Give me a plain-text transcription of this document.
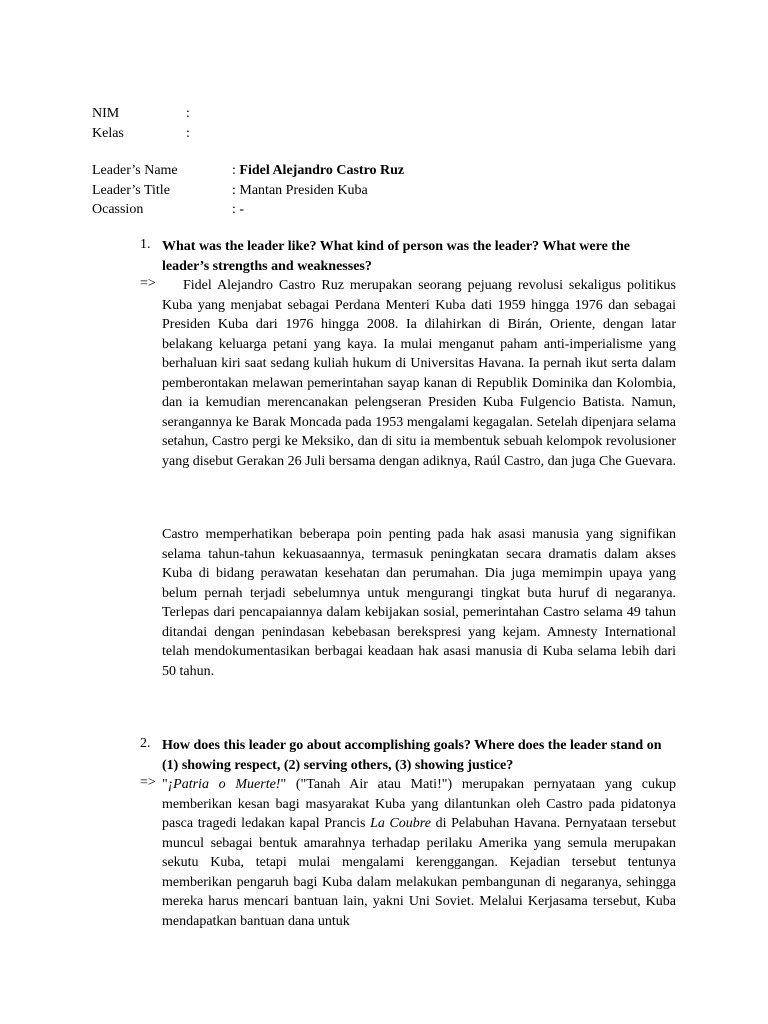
NIM	:
Kelas	:
Leader’s Name	: Fidel Alejandro Castro Ruz
Leader’s Title	: Mantan Presiden Kuba
Ocassion	: -
1. What was the leader like? What kind of person was the leader? What were the leader’s strengths and weaknesses?
=>	Fidel Alejandro Castro Ruz merupakan seorang pejuang revolusi sekaligus politikus Kuba yang menjabat sebagai Perdana Menteri Kuba dati 1959 hingga 1976 dan sebagai Presiden Kuba dari 1976 hingga 2008. Ia dilahirkan di Birán, Oriente, dengan latar belakang keluarga petani yang kaya. Ia mulai menganut paham anti-imperialisme yang berhaluan kiri saat sedang kuliah hukum di Universitas Havana. Ia pernah ikut serta dalam pemberontakan melawan pemerintahan sayap kanan di Republik Dominika dan Kolombia, dan ia kemudian merencanakan pelengseran Presiden Kuba Fulgencio Batista. Namun, serangannya ke Barak Moncada pada 1953 mengalami kegagalan. Setelah dipenjara selama setahun, Castro pergi ke Meksiko, dan di situ ia membentuk sebuah kelompok revolusioner yang disebut Gerakan 26 Juli bersama dengan adiknya, Raúl Castro, dan juga Che Guevara.
Castro memperhatikan beberapa poin penting pada hak asasi manusia yang signifikan selama tahun-tahun kekuasaannya, termasuk peningkatan secara dramatis dalam akses Kuba di bidang perawatan kesehatan dan perumahan. Dia juga memimpin upaya yang belum pernah terjadi sebelumnya untuk mengurangi tingkat buta huruf di negaranya. Terlepas dari pencapaiannya dalam kebijakan sosial, pemerintahan Castro selama 49 tahun ditandai dengan penindasan kebebasan berekspresi yang kejam. Amnesty International telah mendokumentasikan berbagai keadaan hak asasi manusia di Kuba selama lebih dari 50 tahun.
2. How does this leader go about accomplishing goals? Where does the leader stand on (1) showing respect, (2) serving others, (3) showing justice?
=> "¡Patria o Muerte!" ("Tanah Air atau Mati!") merupakan pernyataan yang cukup memberikan kesan bagi masyarakat Kuba yang dilantunkan oleh Castro pada pidatonya pasca tragedi ledakan kapal Prancis La Coubre di Pelabuhan Havana. Pernyataan tersebut muncul sebagai bentuk amarahnya terhadap perilaku Amerika yang semula merupakan sekutu Kuba, tetapi mulai mengalami kerenggangan. Kejadian tersebut tentunya memberikan pengaruh bagi Kuba dalam melakukan pembangunan di negaranya, sehingga mereka harus mencari bantuan lain, yakni Uni Soviet. Melalui Kerjasama tersebut, Kuba mendapatkan bantuan dana untuk
